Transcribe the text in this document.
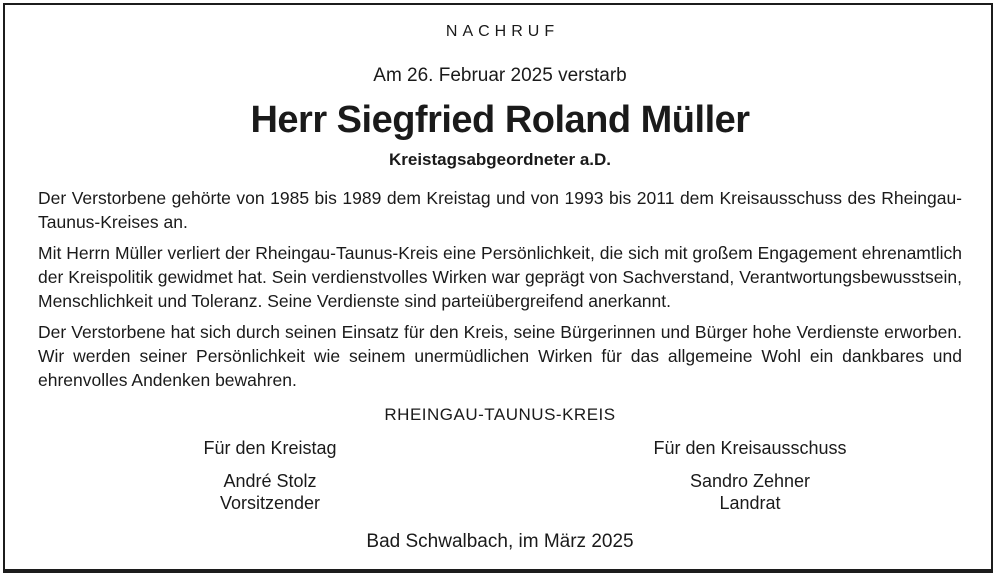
NACHRUF
Am 26. Februar 2025 verstarb
Herr Siegfried Roland Müller
Kreistagsabgeordneter a.D.

Der Verstorbene gehörte von 1985 bis 1989 dem Kreistag und von 1993 bis 2011 dem Kreisausschuss des Rheingau-Taunus-Kreises an.

Mit Herrn Müller verliert der Rheingau-Taunus-Kreis eine Persönlichkeit, die sich mit großem Engagement ehrenamtlich der Kreispolitik gewidmet hat. Sein verdienstvolles Wirken war geprägt von Sachverstand, Verantwortungsbewusstsein, Menschlichkeit und Toleranz. Seine Verdienste sind parteiübergreifend anerkannt.

Der Verstorbene hat sich durch seinen Einsatz für den Kreis, seine Bürgerinnen und Bürger hohe Verdienste erworben. Wir werden seiner Persönlichkeit wie seinem unermüdlichen Wirken für das allgemeine Wohl ein dankbares und ehrenvolles Andenken bewahren.

RHEINGAU-TAUNUS-KREIS
Für den Kreistag
André Stolz
Vorsitzender
Für den Kreisausschuss
Sandro Zehner
Landrat
Bad Schwalbach, im März 2025
